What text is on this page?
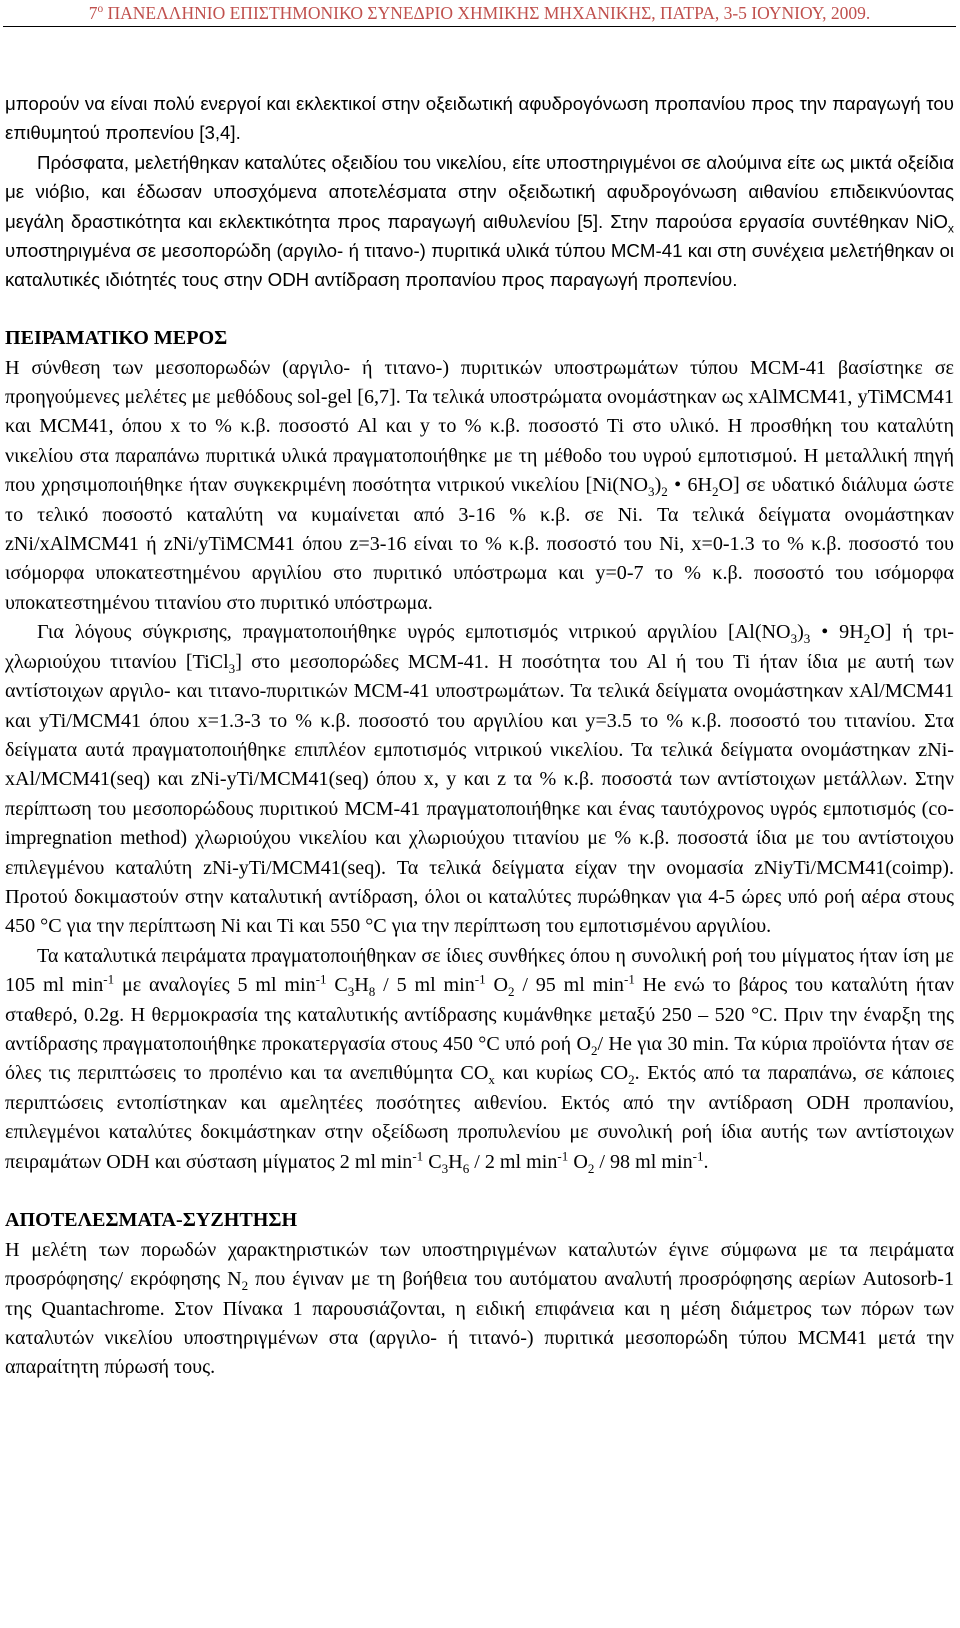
$7^o$ ΠΑΝΕΛΛΗΝΙΟ ΕΠΙΣΤΗΜΟΝΙΚΟ ΣΥΝΕΔΡΙΟ ΧΗΜΙΚΗΣ ΜΗΧΑΝΙΚΗΣ, ΠΑΤΡΑ, 3-5 ΙΟΥΝΙΟΥ, 2009.

μπορούν να είναι πολύ ενεργοί και εκλεκτικοί στην οξειδωτική αφυδρογόνωση προπανίου προς την παραγωγή του επιθυμητού προπενίου [3,4].

Πρόσφατα, μελετήθηκαν καταλύτες οξειδίου του νικελίου, είτε υποστηριγμένοι σε αλούμινα είτε ως μικτά οξείδια με νιόβιο, και έδωσαν υποσχόμενα αποτελέσματα στην οξειδωτική αφυδρογόνωση αιθανίου επιδεικνύοντας μεγάλη δραστικότητα και εκλεκτικότητα προς παραγωγή αιθυλενίου [5]. Στην παρούσα εργασία συντέθηκαν NiO$_x$ υποστηριγμένα σε μεσοπορώδη (αργιλο- ή τιτανο-) πυριτικά υλικά τύπου MCM-41 και στη συνέχεια μελετήθηκαν οι καταλυτικές ιδιότητές τους στην ODH αντίδραση προπανίου προς παραγωγή προπενίου.

ΠΕΙΡΑΜΑΤΙΚΟ ΜΕΡΟΣ

Η σύνθεση των μεσοπορωδών (αργιλο- ή τιτανο-) πυριτικών υποστρωμάτων τύπου MCM-41 βασίστηκε σε προηγούμενες μελέτες με μεθόδους sol-gel [6,7]. Τα τελικά υποστρώματα ονομάστηκαν ως xAlMCM41, yTiMCM41 και MCM41, όπου x το % κ.β. ποσοστό Al και y το % κ.β. ποσοστό Ti στο υλικό. Η προσθήκη του καταλύτη νικελίου στα παραπάνω πυριτικά υλικά πραγματοποιήθηκε με τη μέθοδο του υγρού εμποτισμού. Η μεταλλική πηγή που χρησιμοποιήθηκε ήταν συγκεκριμένη ποσότητα νιτρικού νικελίου [$Ni(NO_3)_2$ • $6H_2O$] σε υδατικό διάλυμα ώστε το τελικό ποσοστό καταλύτη να κυμαίνεται από 3-16 % κ.β. σε Ni. Τα τελικά δείγματα ονομάστηκαν zNi/xAlMCM41 ή zNi/yTiMCM41 όπου z=3-16 είναι το % κ.β. ποσοστό του Ni, x=0-1.3 το % κ.β. ποσοστό του ισόμορφα υποκατεστημένου αργιλίου στο πυριτικό υπόστρωμα και y=0-7 το % κ.β. ποσοστό του ισόμορφα υποκατεστημένου τιτανίου στο πυριτικό υπόστρωμα.

Για λόγους σύγκρισης, πραγματοποιήθηκε υγρός εμποτισμός νιτρικού αργιλίου [$Al(NO_3)_3$ • $9H_2O$] ή τρι-χλωριούχου τιτανίου [TiCl$_3$] στο μεσοπορώδες MCM-41. Η ποσότητα του Al ή του Ti ήταν ίδια με αυτή των αντίστοιχων αργιλο- και τιτανο-πυριτικών MCM-41 υποστρωμάτων. Τα τελικά δείγματα ονομάστηκαν xAl/MCM41 και yTi/MCM41 όπου x=1.3-3 το % κ.β. ποσοστό του αργιλίου και y=3.5 το % κ.β. ποσοστό του τιτανίου. Στα δείγματα αυτά πραγματοποιήθηκε επιπλέον εμποτισμός νιτρικού νικελίου. Τα τελικά δείγματα ονομάστηκαν zNi-xAl/MCM41(seq) και zNi-yTi/MCM41(seq) όπου x, y και z τα % κ.β. ποσοστά των αντίστοιχων μετάλλων. Στην περίπτωση του μεσοπορώδους πυριτικού MCM-41 πραγματοποιήθηκε και ένας ταυτόχρονος υγρός εμποτισμός (co-impregnation method) χλωριούχου νικελίου και χλωριούχου τιτανίου με % κ.β. ποσοστά ίδια με του αντίστοιχου επιλεγμένου καταλύτη zNi-yTi/MCM41(seq). Τα τελικά δείγματα είχαν την ονομασία zNiyTi/MCM41(coimp). Προτού δοκιμαστούν στην καταλυτική αντίδραση, όλοι οι καταλύτες πυρώθηκαν για 4-5 ώρες υπό ροή αέρα στους 450 °C για την περίπτωση Ni και Ti και 550 °C για την περίπτωση του εμποτισμένου αργιλίου.

Τα καταλυτικά πειράματα πραγματοποιήθηκαν σε ίδιες συνθήκες όπου η συνολική ροή του μίγματος ήταν ίση με 105 ml $\min^{-1} \mu\varepsilon$ αναλογίες 5 ml $\min^{-1} C_3H_8 / 5$ ml $\min^{-1} O_2 / 95$ ml $\min^{-1} He$ ενώ το βάρος του καταλύτη ήταν σταθερό, 0.2g. Η θερμοκρασία της καταλυτικής αντίδρασης κυμάνθηκε μεταξύ 250 – 520 °C. Πριν την έναρξη της αντίδρασης πραγματοποιήθηκε προκατεργασία στους 450 °C υπό ροή $O_2/$ He για 30 min. Τα κύρια προϊόντα ήταν σε όλες τις περιπτώσεις το προπένιο και τα ανεπιθύμητα $CO_x$ και κυρίως $CO_2$. Εκτός από τα παραπάνω, σε κάποιες περιπτώσεις εντοπίστηκαν και αμελητέες ποσότητες αιθενίου. Εκτός από την αντίδραση ODH προπανίου, επιλεγμένοι καταλύτες δοκιμάστηκαν στην οξείδωση προπυλενίου με συνολική ροή ίδια αυτής των αντίστοιχων πειραμάτων ODH και σύσταση μίγματος 2 ml $\min^{-1} C_3H_6 / 2$ ml $\min^{-1} O_2 / 98$ ml $\min^{-1}$.

ΑΠΟΤΕΛΕΣΜΑΤΑ-ΣΥΖΗΤΗΣΗ

Η μελέτη των πορωδών χαρακτηριστικών των υποστηριγμένων καταλυτών έγινε σύμφωνα με τα πειράματα προσρόφησης/ εκρόφησης $N_2$ που έγιναν με τη βοήθεια του αυτόματου αναλυτή προσρόφησης αερίων Autosorb-1 της Quantachrome. Στον Πίνακα 1 παρουσιάζονται, η ειδική επιφάνεια και η μέση διάμετρος των πόρων των καταλυτών νικελίου υποστηριγμένων στα (αργιλο- ή τιτανό-) πυριτικά μεσοπορώδη τύπου MCM41 μετά την απαραίτητη πύρωσή τους.
